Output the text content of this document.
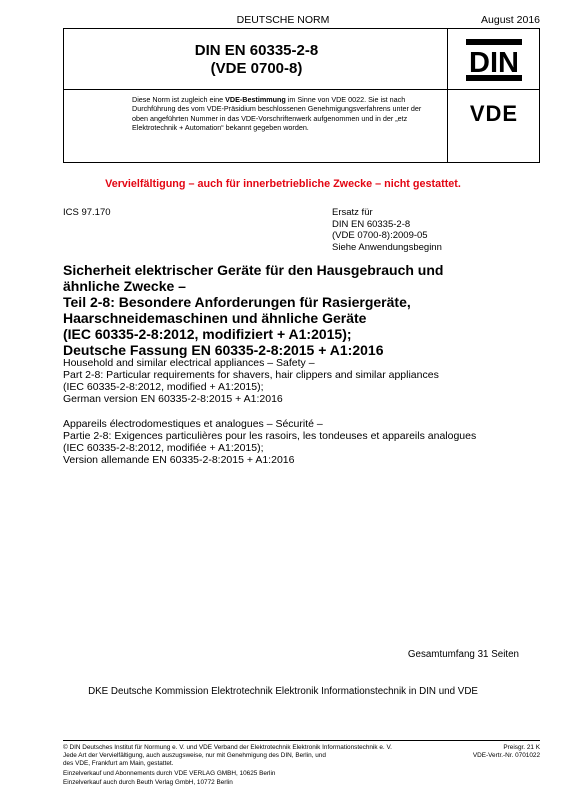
DEUTSCHE NORM	August 2016
DIN EN 60335-2-8
(VDE 0700-8)
Diese Norm ist zugleich eine VDE-Bestimmung im Sinne von VDE 0022. Sie ist nach Durchführung des vom VDE-Präsidium beschlossenen Genehmigungsverfahrens unter der oben angeführten Nummer in das VDE-Vorschriftenwerk aufgenommen und in der „etz Elektrotechnik + Automation“ bekannt gegeben worden.
DIN
VDE
Vervielfältigung – auch für innerbetriebliche Zwecke – nicht gestattet.
ICS 97.170	Ersatz für
DIN EN 60335-2-8
(VDE 0700-8):2009-05
Siehe Anwendungsbeginn
Sicherheit elektrischer Geräte für den Hausgebrauch und
ähnliche Zwecke –
Teil 2-8: Besondere Anforderungen für Rasiergeräte,
Haarschneidemaschinen und ähnliche Geräte
(IEC 60335-2-8:2012, modifiziert + A1:2015);
Deutsche Fassung EN 60335-2-8:2015 + A1:2016
Household and similar electrical appliances – Safety –
Part 2-8: Particular requirements for shavers, hair clippers and similar appliances
(IEC 60335-2-8:2012, modified + A1:2015);
German version EN 60335-2-8:2015 + A1:2016
Appareils électrodomestiques et analogues – Sécurité –
Partie 2-8: Exigences particulières pour les rasoirs, les tondeuses et appareils analogues
(IEC 60335-2-8:2012, modifiée + A1:2015);
Version allemande EN 60335-2-8:2015 + A1:2016
Gesamtumfang 31 Seiten
DKE Deutsche Kommission Elektrotechnik Elektronik Informationstechnik in DIN und VDE
© DIN Deutsches Institut für Normung e. V. und VDE Verband der Elektrotechnik Elektronik Informationstechnik e. V.
Jede Art der Vervielfältigung, auch auszugsweise, nur mit Genehmigung des DIN, Berlin, und
des VDE, Frankfurt am Main, gestattet.
Preisgr. 21 K
VDE-Vertr.-Nr. 0701022
Einzelverkauf und Abonnements durch VDE VERLAG GMBH, 10625 Berlin
Einzelverkauf auch durch Beuth Verlag GmbH, 10772 Berlin
